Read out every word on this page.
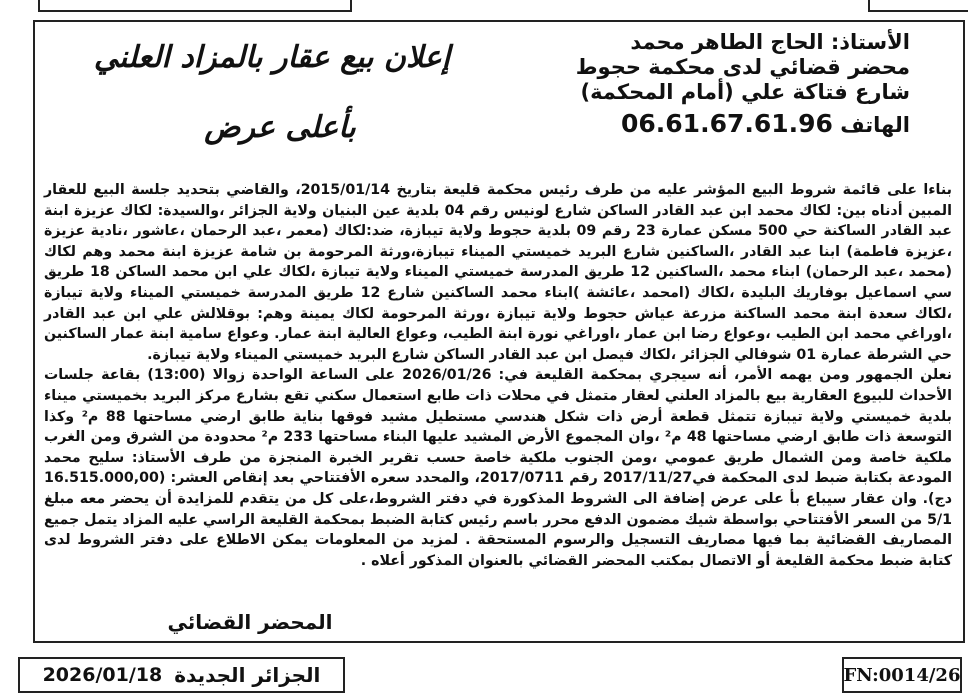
الأستاذ: الحاج الطاهر محمد
محضر قضائي لدى محكمة حجوط
شارع فتاكة علي (أمام المحكمة)
الهاتف 06.61.67.61.96
إعلان بيع عقار بالمزاد العلني
بأعلى عرض
بناءا على قائمة شروط البيع المؤشر عليه من طرف رئيس محكمة قليعة بتاريخ 2015/01/14، والقاضي بتحديد جلسة البيع للعقار المبين أدناه بين: لكاك محمد ابن عبد القادر الساكن شارع لونيس رقم 04 بلدية عين البنيان ولاية الجزائر ،والسيدة: لكاك عزيزة ابنة عبد القادر الساكنة حي 500 مسكن عمارة 23 رقم 09 بلدية حجوط ولاية تيبازة، ضد:لكاك (معمر ،عبد الرحمان ،عاشور ،نادية عزيزة ،عزيزة فاطمة) ابنا عبد القادر ،الساكنين شارع البريد خميستي الميناء تيبازة،ورثة المرحومة بن شامة عزيزة ابنة محمد وهم لكاك (محمد ،عبد الرحمان) ابناء محمد ،الساكنين 12 طريق المدرسة خميستي الميناء ولاية تيبازة ،لكاك علي ابن محمد الساكن 18 طريق سي اسماعيل بوفاريك البليدة ،لكاك (امحمد ،عائشة )ابناء محمد الساكنين شارع 12 طريق المدرسة خميستي الميناء ولاية تيبازة ،لكاك سعدة ابنة محمد الساكنة مزرعة عياش حجوط ولاية تيبازة ،ورثة المرحومة لكاك يمينة وهم: بوقلالش علي ابن عبد القادر ،اوراغي محمد ابن الطيب ،وعواع رضا ابن عمار ،اوراغي نورة ابنة الطيب، وعواع العالية ابنة عمار. وعواع سامية ابنة عمار الساكنين حي الشرطة عمارة 01 شوفالي الجزائر ،لكاك فيصل ابن عبد القادر الساكن شارع البريد خميستي الميناء ولاية تيبازة.
نعلن الجمهور ومن يهمه الأمر، أنه سيجري بمحكمة القليعة في: 2026/01/26 على الساعة الواحدة زوالا (13:00) بقاعة جلسات الأحداث للبيوع العقارية بيع بالمزاد العلني لعقار متمثل في محلات ذات طابع استعمال سكني تقع بشارع مركز البريد بخميستي ميناء بلدية خميستي ولاية تيبازة تتمثل قطعة أرض ذات شكل هندسي مستطيل مشيد فوقها بناية طابق ارضي مساحتها 88 م² وكذا التوسعة ذات طابق ارضي مساحتها 48 م² ،وان المجموع الأرض المشيد عليها البناء مساحتها 233 م² محدودة من الشرق ومن الغرب ملكية خاصة ومن الشمال طريق عمومي ،ومن الجنوب ملكية خاصة حسب تقرير الخبرة المنجزة من طرف الأستاذ: سليح محمد المودعة بكتابة ضبط لدى المحكمة في2017/11/27 رقم 2017/0711، والمحدد سعره الأفتتاحي بعد إنقاص العشر: (16.515.000,00 دج). وان عقار سيباع بأ على عرض إضافة الى الشروط المذكورة في دفتر الشروط،على كل من يتقدم للمزايدة أن يحضر معه مبلغ 5/1 من السعر الأفتتاحي بواسطة شيك مضمون الدفع محرر باسم رئيس كتابة الضبط بمحكمة القليعة الراسي عليه المزاد يتمل جميع المصاريف القضائية بما فيها مصاريف التسجيل والرسوم المستحقة . لمزيد من المعلومات يمكن الاطلاع على دفتر الشروط لدى كتابة ضبط محكمة القليعة أو الاتصال بمكتب المحضر القضائي بالعنوان المذكور أعلاه .
المحضر القضائي
الجزائر الجديدة
2026/01/18	FN:0014/26
